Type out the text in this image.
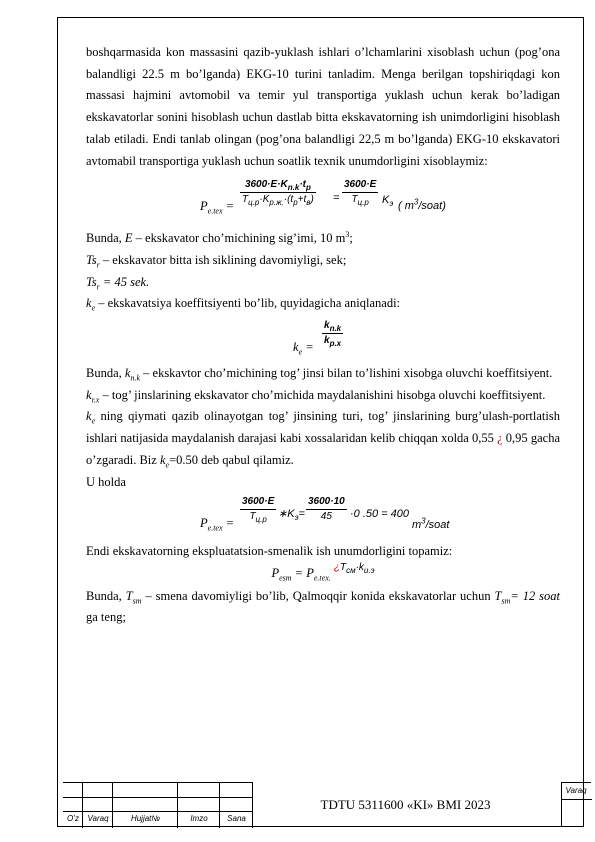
boshqarmasida kon massasini qazib-yuklash ishlari o’lchamlarini xisoblash uchun (pog’ona balandligi 22.5 m bo’lganda) EKG-10 turini tanladim. Menga berilgan topshiriqdagi kon massasi hajmini avtomobil va temir yul transportiga yuklash uchun kerak bo’ladigan ekskavatorlar sonini hisoblash uchun dastlab bitta ekskavatorning ish unimdorligini hisoblash talab etiladi. Endi tanlab olingan (pog’ona balandligi 22,5 m bo’lganda) EKG-10 ekskavatori avtomabil transportiga yuklash uchun soatlik texnik unumdorligini xisoblaymiz:

$P_{e.tex}$ =
$3600\cdot E\cdot K_{n.k}\cdot t_p$
$T_{ц.р}\cdot K_{p.ж.}\cdot(t_p+t_в)$ =
3600·E
$T_{ц.р}$	$K_э$ ( $m^3/soat$)

Bunda, E – ekskavator cho’michining sig’imi, 10 $m^3$;

$Ts_r$ – ekskavator bitta ish siklining davomiyligi, sek;

$Ts_r = 45$ sek.

$k_e$ – ekskavatsiya koeffitsiyenti bo’lib, quyidagicha aniqlanadi:

$k_e = \frac{k_{n.k}}{k_{p.x}}$

Bunda, $k_{n.k}$ – ekskavtor cho’michining tog’ jinsi bilan to’lishini xisobga oluvchi koeffitsiyent.

$k_{r.x}$ – tog’ jinslarining ekskavator cho’michida maydalanishini hisobga oluvchi koeffitsiyent.

$k_e$ ning qiymati qazib olinayotgan tog’ jinsining turi, tog’ jinslarining burg’ulash-portlatish ishlari natijasida maydalanish darajasi kabi xossalaridan kelib chiqqan xolda 0,55 ¿ 0,95 gacha o’zgaradi. Biz $k_e=0.50$ deb qabul qilamiz.

U holda

$P_{e.tex}$ =
3600·E
$T_{ц.р}$	$∗K_э= \frac{3600\cdot 10}{45} \cdot 0$ .50 = 400
$m^3$/soat

Endi ekskavatorning ekspluatatsion-smenalik ish unumdorligini topamiz:

$P_{esm} = P_{e.tex.}$ $^{¿T_{см}\cdot k_{и.э}}$

Bunda, $T_{sm}$ – smena davomiyligi bo’lib, Qalmoqqir konida ekskavatorlar uchun $T_{sm}= 12$ soat ga teng;

O’z	Varaq	Hujjat№	Imzo	Sana
TDTU 5311600 «KI» BMI 2023
Varaq
